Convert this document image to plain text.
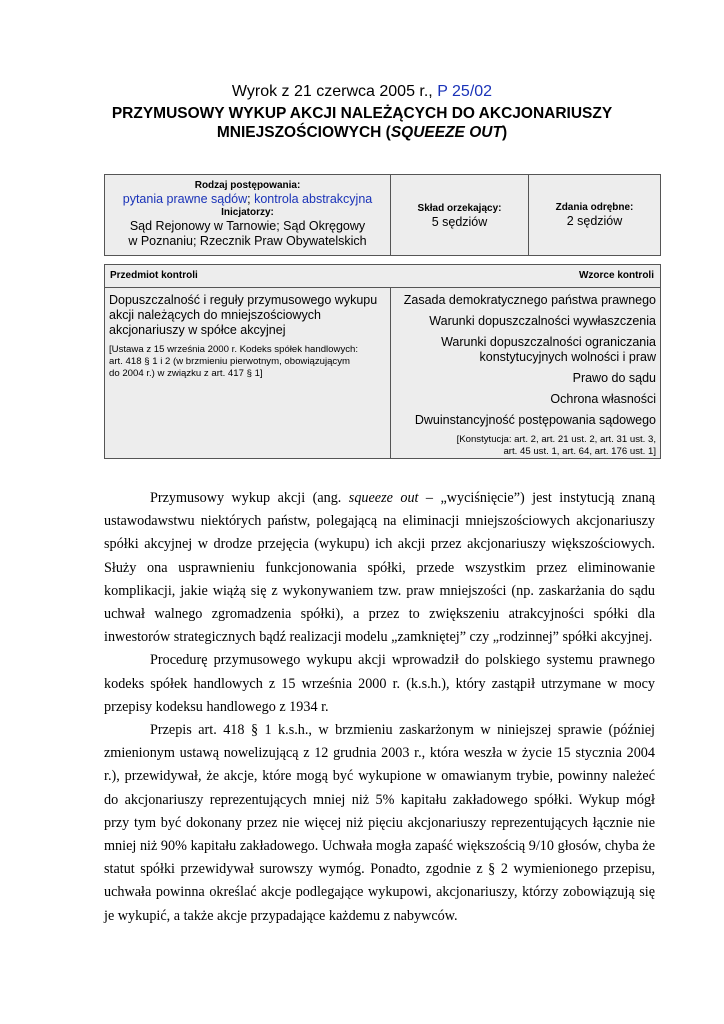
Wyrok z 21 czerwca 2005 r., P 25/02
PRZYMUSOWY WYKUP AKCJI NALEŻĄCYCH DO AKCJONARIUSZY
MNIEJSZOŚCIOWYCH (SQUEEZE OUT)
Rodzaj postępowania:
pytania prawne sądów; kontrola abstrakcyjna
Inicjatorzy:
Sąd Rejonowy w Tarnowie; Sąd Okręgowy
w Poznaniu; Rzecznik Praw Obywatelskich
Skład orzekający:
5 sędziów
Zdania odrębne:
2 sędziów
Przedmiot kontroli	Wzorce kontroli
Dopuszczalność i reguły przymusowego wykupu
akcji należących do mniejszościowych
akcjonariuszy w spółce akcyjnej
[Ustawa z 15 września 2000 r. Kodeks spółek handlowych:
art. 418 § 1 i 2 (w brzmieniu pierwotnym, obowiązującym
do 2004 r.) w związku z art. 417 § 1]
Zasada demokratycznego państwa prawnego
Warunki dopuszczalności wywłaszczenia
Warunki dopuszczalności ograniczania
konstytucyjnych wolności i praw
Prawo do sądu
Ochrona własności
Dwuinstancyjność postępowania sądowego
[Konstytucja: art. 2, art. 21 ust. 2, art. 31 ust. 3,
art. 45 ust. 1, art. 64, art. 176 ust. 1]

Przymusowy wykup akcji (ang. squeeze out – „wyciśnięcie”) jest instytucją znaną ustawodawstwu niektórych państw, polegającą na eliminacji mniejszościowych akcjonariuszy spółki akcyjnej w drodze przejęcia (wykupu) ich akcji przez akcjonariuszy większościowych. Służy ona usprawnieniu funkcjonowania spółki, przede wszystkim przez eliminowanie komplikacji, jakie wiążą się z wykonywaniem tzw. praw mniejszości (np. zaskarżania do sądu uchwał walnego zgromadzenia spółki), a przez to zwiększeniu atrakcyjności spółki dla inwestorów strategicznych bądź realizacji modelu „zamkniętej” czy „rodzinnej” spółki akcyjnej.

Procedurę przymusowego wykupu akcji wprowadził do polskiego systemu prawnego kodeks spółek handlowych z 15 września 2000 r. (k.s.h.), który zastąpił utrzymane w mocy przepisy kodeksu handlowego z 1934 r.

Przepis art. 418 § 1 k.s.h., w brzmieniu zaskarżonym w niniejszej sprawie (później zmienionym ustawą nowelizującą z 12 grudnia 2003 r., która weszła w życie 15 stycznia 2004 r.), przewidywał, że akcje, które mogą być wykupione w omawianym trybie, powinny należeć do akcjonariuszy reprezentujących mniej niż 5% kapitału zakładowego spółki. Wykup mógł przy tym być dokonany przez nie więcej niż pięciu akcjonariuszy reprezentujących łącznie nie mniej niż 90% kapitału zakładowego. Uchwała mogła zapaść większością 9/10 głosów, chyba że statut spółki przewidywał surowszy wymóg. Ponadto, zgodnie z § 2 wymienionego przepisu, uchwała powinna określać akcje podlegające wykupowi, akcjonariuszy, którzy zobowiązują się je wykupić, a także akcje przypadające każdemu z nabywców.
